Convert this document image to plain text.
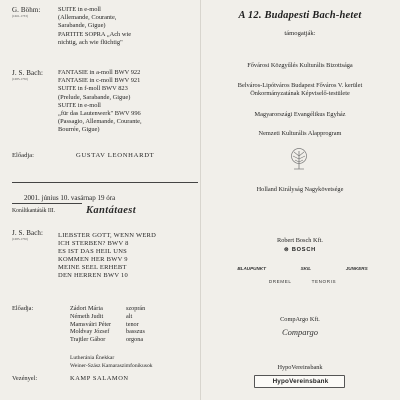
G. Böhm:
(1661-1733)
SUITE in e-moll
(Allemande, Courante,
Sarabande, Gigue)
PARTITE SOPRA „Ach wie
nichtig, ach wie flüchtig"
J. S. Bach:
(1685-1750)
FANTASIE in a-moll BWV 922
FANTASIE in c-moll BWV 921
SUITE in f-moll BWV 823
(Prelude, Sarabande, Gigue)
SUITE in e-moll
„für das Lautenwerk" BWV 996
(Passagio, Allemande, Courante,
Bourrée, Gigue)
Előadja:	GUSTAV LEONHARDT
2001. június 10. vasárnap 19 óra
Koráltkantáták III.	Kantátaest
J. S. Bach:
(1685-1750)	LIEBSTER GOTT, WENN WERD
ICH STERBEN? BWV 8
ES IST DAS HEIL UNS
KOMMEN HER BWV 9
MEINE SEEL ERHEBT
DEN HERREN BWV 10
Előadja:	Zádori Mária	szoprán
Németh Judit	alt
Mamsváiri Péter tenor
Moldvay József	basszus
Trajtler Gábor	orgona
Lutheránia Énekkar
Weiner-Szász Kamaraszimfonikusok
Vezényel:	KAMP SALAMON
A 12. Budapesti Bach-hetet
támogatják:
Fővárosi Közgyűlés Kulturális Bizottsága
Belváros-Lipótváros Budapest Főváros V. kerület
Önkormányzatának Képviselő-testülete
Magyarországi Evangélikus Egyház
Nemzeti Kulturális Alapprogram
Holland Királyság Nagykövetsége
Robert Bosch Kft.
⊜ BOSCH
BLAUPUNKT	SKIL	JUNKERS
DREMEL	TENORIS
CompArgo Kft.
Compargo
HypoVereinsbank
HypoVereinsbank
